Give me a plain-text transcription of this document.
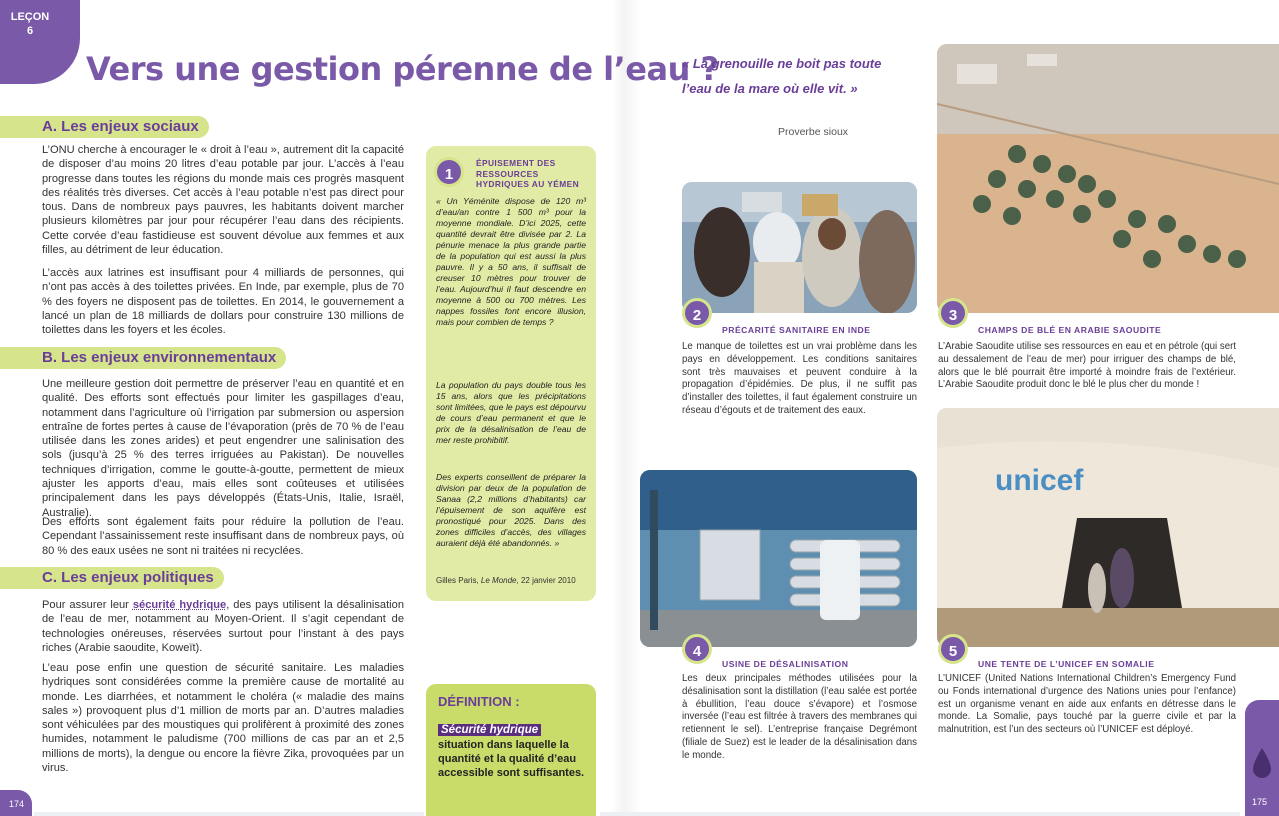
LEÇON
6
Vers une gestion pérenne de l’eau ?
A. Les enjeux sociaux

L’ONU cherche à encourager le « droit à l’eau », autrement dit la capacité de disposer d’au moins 20 litres d’eau potable par jour. L’accès à l’eau progresse dans toutes les régions du monde mais ces progrès masquent des réalités très diverses. Cet accès à l’eau potable n’est pas direct pour tous. Dans de nombreux pays pauvres, les habitants doivent marcher plusieurs kilomètres par jour pour récupérer l’eau dans des récipients. Cette corvée d’eau fastidieuse est souvent dévolue aux femmes et aux filles, au détriment de leur éducation.

L’accès aux latrines est insuffisant pour 4 milliards de personnes, qui n’ont pas accès à des toilettes privées. En Inde, par exemple, plus de 70 % des foyers ne disposent pas de toilettes. En 2014, le gouvernement a lancé un plan de 18 milliards de dollars pour construire 130 millions de toilettes dans les foyers et les écoles.

B. Les enjeux environnementaux

Une meilleure gestion doit permettre de préserver l’eau en quantité et en qualité. Des efforts sont effectués pour limiter les gaspillages d’eau, notamment dans l’agriculture où l’irrigation par submersion ou aspersion entraîne de fortes pertes à cause de l’évaporation (près de 70 % de l’eau utilisée dans les zones arides) et peut engendrer une salinisation des sols (jusqu’à 25 % des terres irriguées au Pakistan). De nouvelles techniques d’irrigation, comme le goutte-à-goutte, permettent de mieux ajuster les apports d’eau, mais elles sont coûteuses et utilisées principalement dans les pays développés (États-Unis, Italie, Israël, Australie).

Des efforts sont également faits pour réduire la pollution de l’eau. Cependant l’assainissement reste insuffisant dans de nombreux pays, où 80 % des eaux usées ne sont ni traitées ni recyclées.

C. Les enjeux politiques

Pour assurer leur sécurité hydrique, des pays utilisent la désalinisation de l’eau de mer, notamment au Moyen-Orient. Il s’agit cependant de technologies onéreuses, réservées surtout pour l’instant à des pays riches (Arabie saoudite, Koweït).

L’eau pose enfin une question de sécurité sanitaire. Les maladies hydriques sont considérées comme la première cause de mortalité au monde. Les diarrhées, et notamment le choléra (« maladie des mains sales ») provoquent plus d’1 million de morts par an. D’autres maladies sont véhiculées par des moustiques qui prolifèrent à proximité des zones humides, notamment le paludisme (700 millions de cas par an et 2,5 millions de morts), la dengue ou encore la fièvre Zika, provoquées par un virus.

1
ÉPUISEMENT DES RESSOURCES HYDRIQUES AU YÉMEN

« Un Yéménite dispose de 120 m³ d’eau/an contre 1 500 m³ pour la moyenne mondiale. D’ici 2025, cette quantité devrait être divisée par 2. La pénurie menace la plus grande partie de la population qui est aussi la plus pauvre. Il y a 50 ans, il suffisait de creuser 10 mètres pour trouver de l’eau. Aujourd’hui il faut descendre en moyenne à 500 ou 700 mètres. Les nappes fossiles font encore illusion, mais pour combien de temps ?

La population du pays double tous les 15 ans, alors que les précipitations sont limitées, que le pays est dépourvu de cours d’eau permanent et que le prix de la désalinisation de l’eau de mer reste prohibitif.

Des experts conseillent de préparer la division par deux de la population de Sanaa (2,2 millions d’habitants) car l’épuisement de son aquifère est pronostiqué pour 2025. Dans des zones difficiles d’accès, des villages auraient déjà été abandonnés. »

Gilles Paris, Le Monde, 22 janvier 2010

DÉFINITION :
Sécurité hydrique
situation dans laquelle la quantité et la qualité d’eau accessible sont suffisantes.
« La grenouille ne boit pas toute l’eau de la mare où elle vit. »
Proverbe sioux
2
PRÉCARITÉ SANITAIRE EN INDE

Le manque de toilettes est un vrai problème dans les pays en développement. Les conditions sanitaires sont très mauvaises et peuvent conduire à la propagation d’épidémies. De plus, il ne suffit pas d’installer des toilettes, il faut également construire un réseau d’égouts et de traitement des eaux.

3
CHAMPS DE BLÉ EN ARABIE SAOUDITE

L’Arabie Saoudite utilise ses ressources en eau et en pétrole (qui sert au dessalement de l’eau de mer) pour irriguer des champs de blé, alors que le blé pourrait être importé à moindre frais de l’extérieur. L’Arabie Saoudite produit donc le blé le plus cher du monde !

4
USINE DE DÉSALINISATION

Les deux principales méthodes utilisées pour la désalinisation sont la distillation (l’eau salée est portée à ébullition, l’eau douce s’évapore) et l’osmose inversée (l’eau est filtrée à travers des membranes qui retiennent le sel). L’entreprise française Degrémont (filiale de Suez) est le leader de la désalinisation dans le monde.

unicef
5
UNE TENTE DE L’UNICEF EN SOMALIE

L’UNICEF (United Nations International Children’s Emergency Fund ou Fonds international d’urgence des Nations unies pour l’enfance) est un organisme venant en aide aux enfants en détresse dans le monde. La Somalie, pays touché par la guerre civile et par la malnutrition, est l’un des secteurs où l’UNICEF est déployé.

174	175
